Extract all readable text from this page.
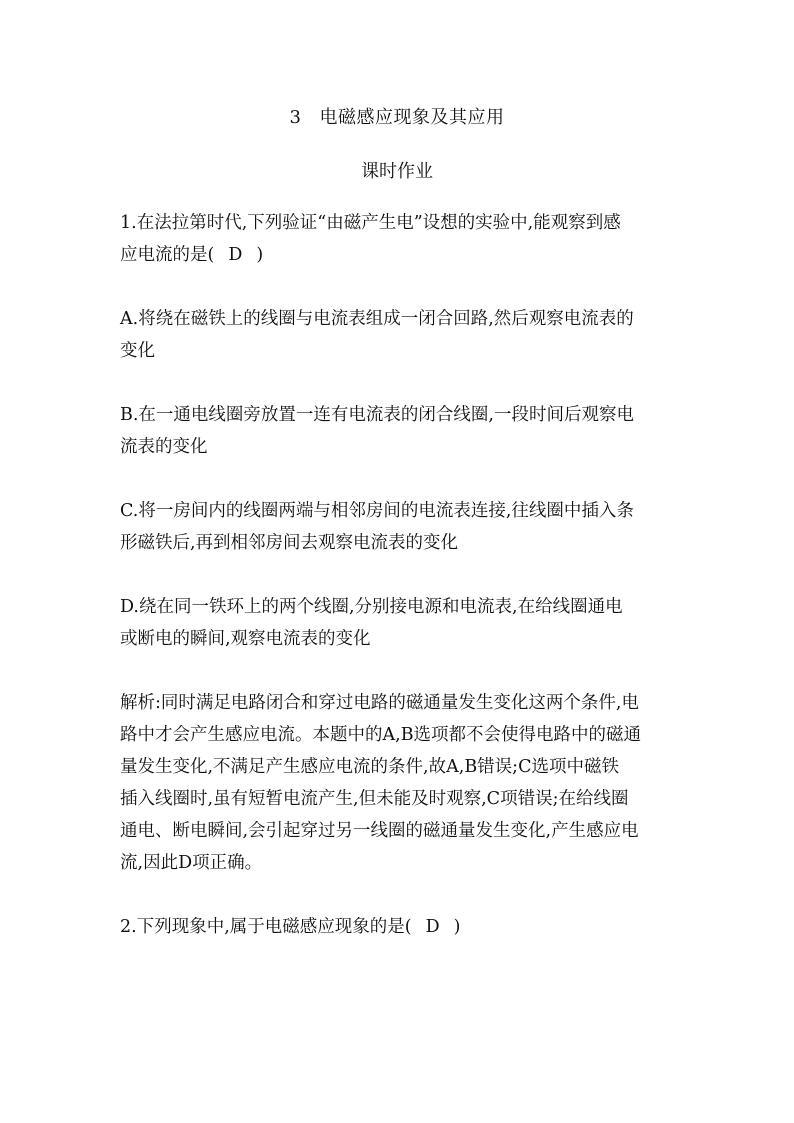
3 电磁感应现象及其应用
课时作业
1.在法拉第时代,下列验证“由磁产生电”设想的实验中,能观察到感
应电流的是( D )
A.将绕在磁铁上的线圈与电流表组成一闭合回路,然后观察电流表的
变化
B.在一通电线圈旁放置一连有电流表的闭合线圈,一段时间后观察电
流表的变化
C.将一房间内的线圈两端与相邻房间的电流表连接,往线圈中插入条
形磁铁后,再到相邻房间去观察电流表的变化
D.绕在同一铁环上的两个线圈,分别接电源和电流表,在给线圈通电
或断电的瞬间,观察电流表的变化
解析:同时满足电路闭合和穿过电路的磁通量发生变化这两个条件,电
路中才会产生感应电流。本题中的A,B选项都不会使得电路中的磁通
量发生变化,不满足产生感应电流的条件,故A,B错误;C选项中磁铁
插入线圈时,虽有短暂电流产生,但未能及时观察,C项错误;在给线圈
通电、断电瞬间,会引起穿过另一线圈的磁通量发生变化,产生感应电
流,因此D项正确。
2.下列现象中,属于电磁感应现象的是( D )
